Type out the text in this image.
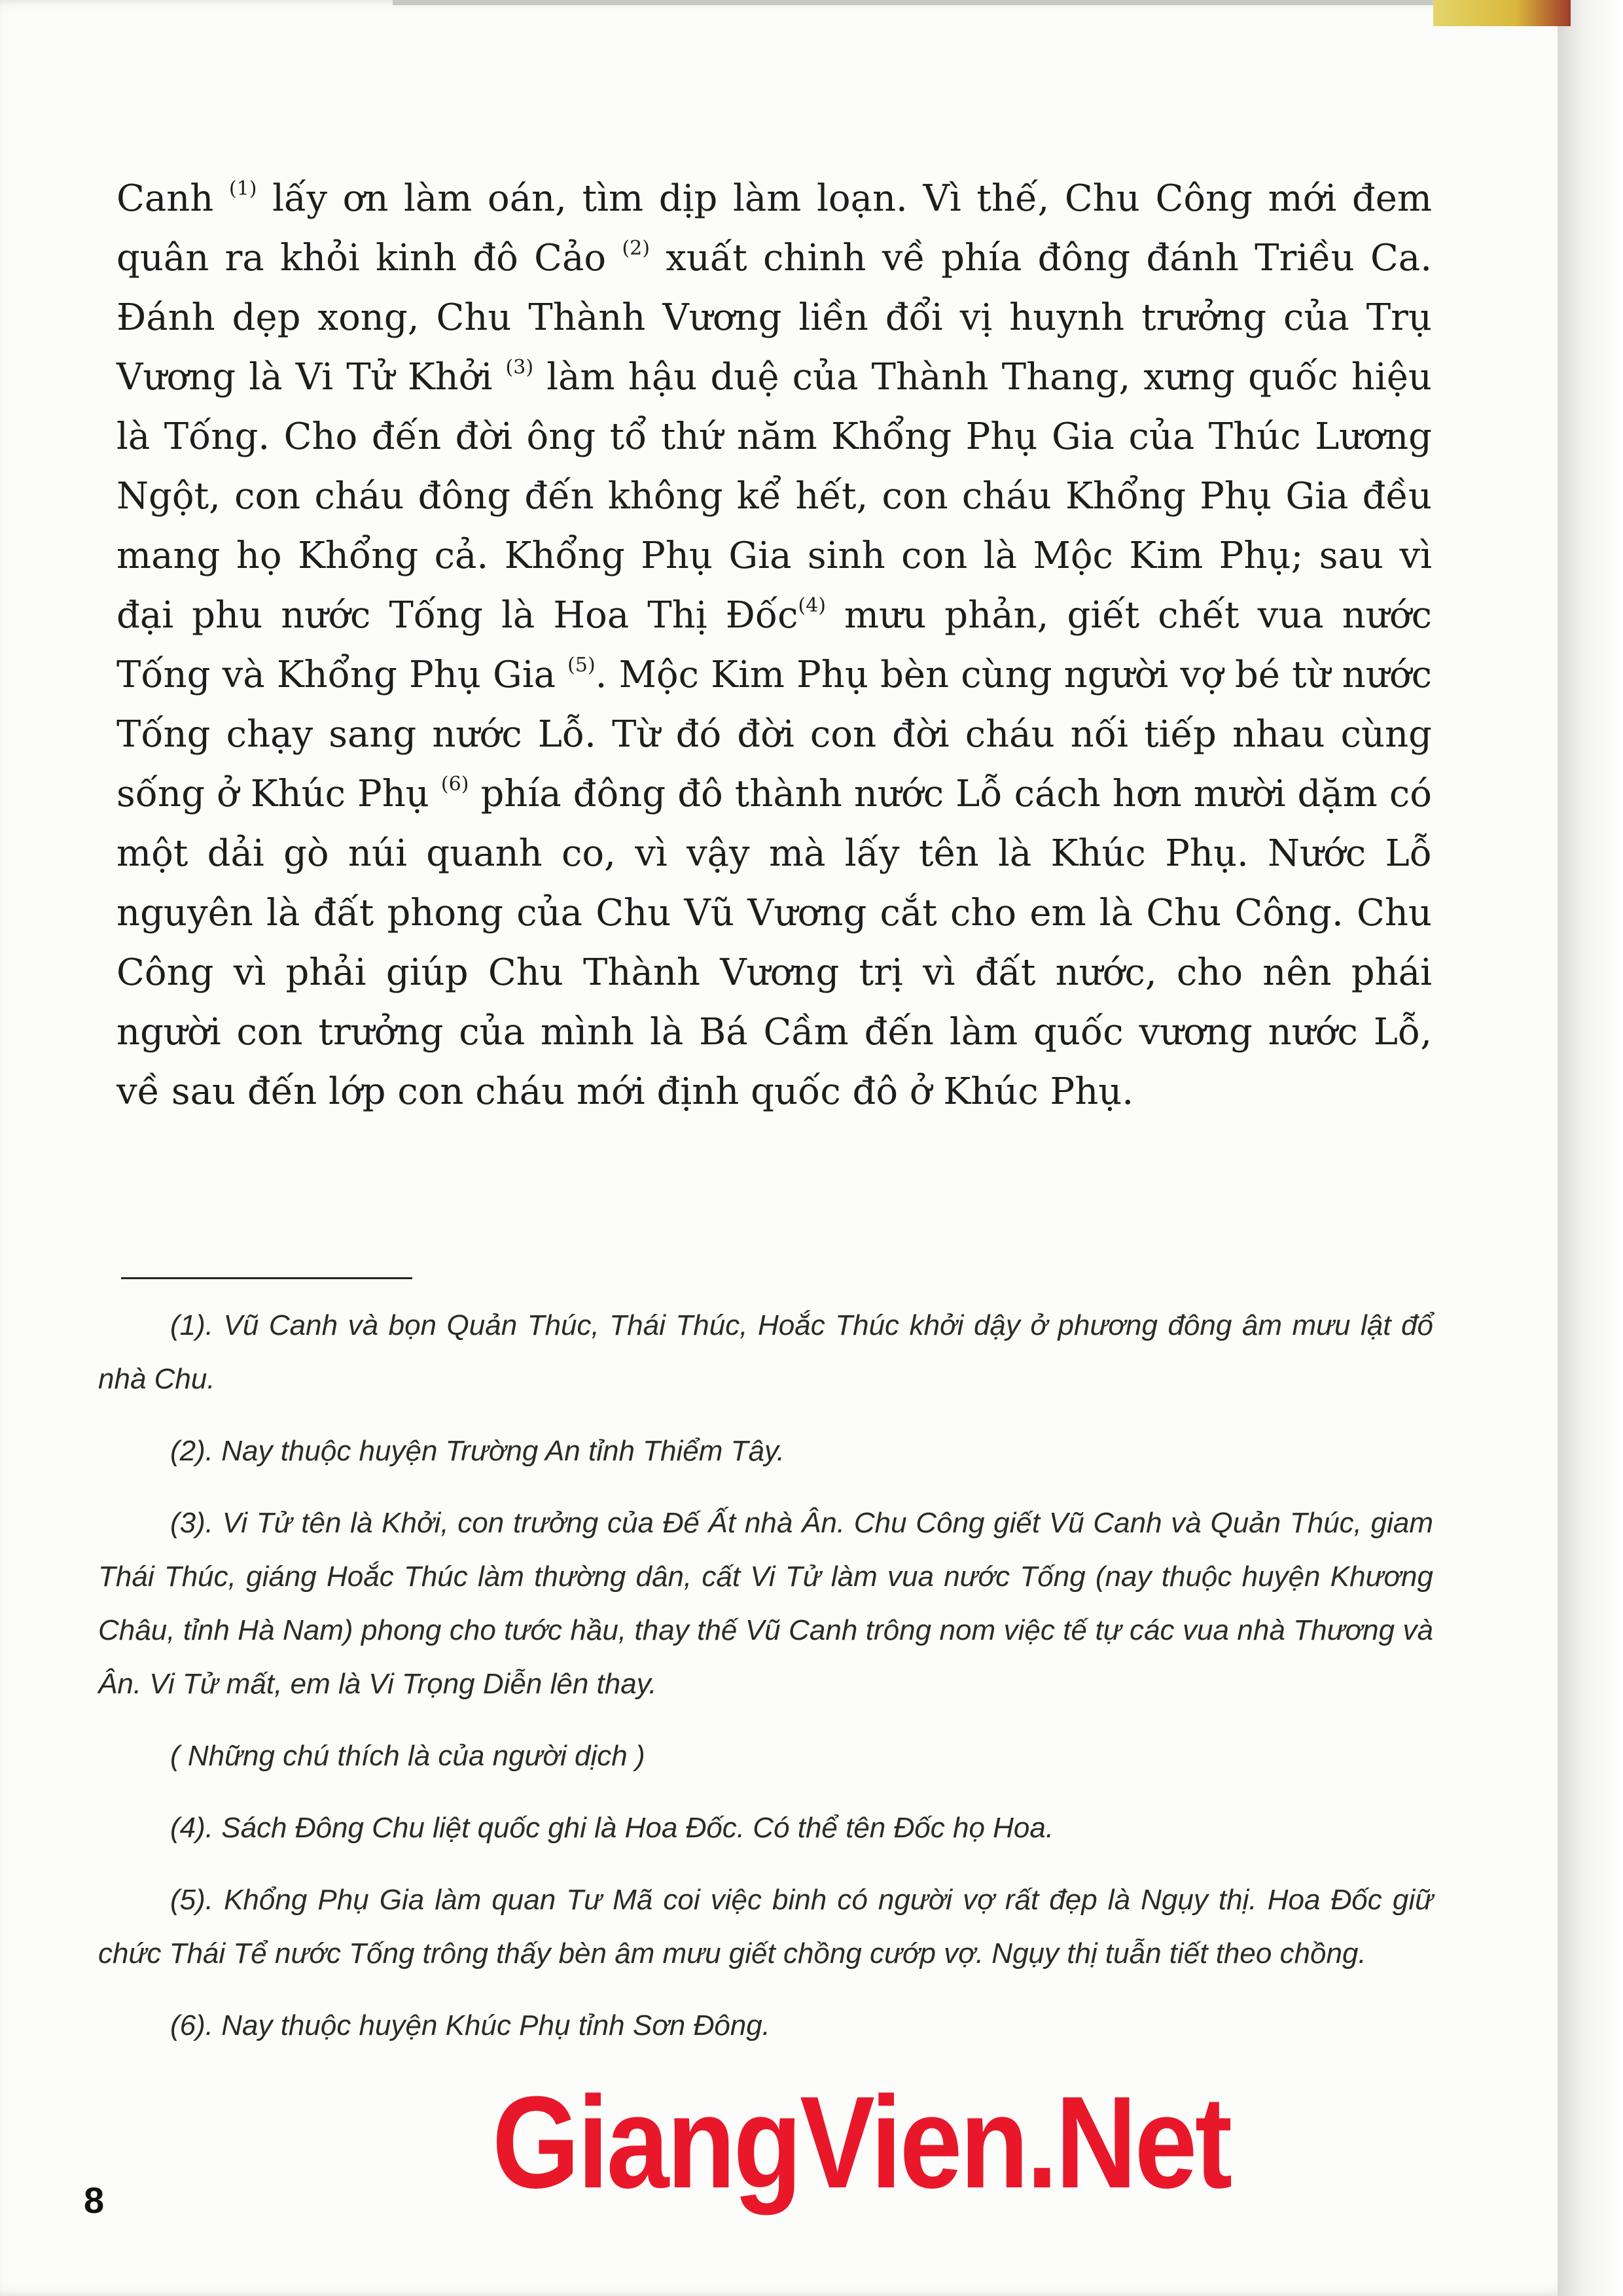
Canh $^{(1)}$ lấy ơn làm oán, tìm dịp làm loạn. Vì thế, Chu Công mới đem quân ra khỏi kinh đô Cảo $^{(2)}$ xuất chinh về phía đông đánh Triều Ca. Đánh dẹp xong, Chu Thành Vương liền đổi vị huynh trưởng của Trụ Vương là Vi Tử Khởi $^{(3)}$ làm hậu duệ của Thành Thang, xưng quốc hiệu là Tống. Cho đến đời ông tổ thứ năm Khổng Phụ Gia của Thúc Lương Ngột, con cháu đông đến không kể hết, con cháu Khổng Phụ Gia đều mang họ Khổng cả. Khổng Phụ Gia sinh con là Mộc Kim Phụ; sau vì đại phu nước Tống là Hoa Thị Đốc$^{(4)}$ mưu phản, giết chết vua nước Tống và Khổng Phụ Gia $^{(5)}$. Mộc Kim Phụ bèn cùng người vợ bé từ nước Tống chạy sang nước Lỗ. Từ đó đời con đời cháu nối tiếp nhau cùng sống ở Khúc Phụ $^{(6)}$ phía đông đô thành nước Lỗ cách hơn mười dặm có một dải gò núi quanh co, vì vậy mà lấy tên là Khúc Phụ. Nước Lỗ nguyên là đất phong của Chu Vũ Vương cắt cho em là Chu Công. Chu Công vì phải giúp Chu Thành Vương trị vì đất nước, cho nên phái người con trưởng của mình là Bá Cầm đến làm quốc vương nước Lỗ, về sau đến lớp con cháu mới định quốc đô ở Khúc Phụ.

(1). Vũ Canh và bọn Quản Thúc, Thái Thúc, Hoắc Thúc khởi dậy ở phương đông âm mưu lật đổ nhà Chu.

(2). Nay thuộc huyện Trường An tỉnh Thiểm Tây.

(3). Vi Tử tên là Khởi, con trưởng của Đế Ất nhà Ân. Chu Công giết Vũ Canh và Quản Thúc, giam Thái Thúc, giáng Hoắc Thúc làm thường dân, cất Vi Tử làm vua nước Tống (nay thuộc huyện Khương Châu, tỉnh Hà Nam) phong cho tước hầu, thay thế Vũ Canh trông nom việc tế tự các vua nhà Thương và Ân. Vi Tử mất, em là Vi Trọng Diễn lên thay.

( Những chú thích là của người dịch )

(4). Sách Đông Chu liệt quốc ghi là Hoa Đốc. Có thể tên Đốc họ Hoa.

(5). Khổng Phụ Gia làm quan Tư Mã coi việc binh có người vợ rất đẹp là Ngụy thị. Hoa Đốc giữ chức Thái Tể nước Tống trông thấy bèn âm mưu giết chồng cướp vợ. Ngụy thị tuẫn tiết theo chồng.

(6). Nay thuộc huyện Khúc Phụ tỉnh Sơn Đông.

8	GiangVien.Net
